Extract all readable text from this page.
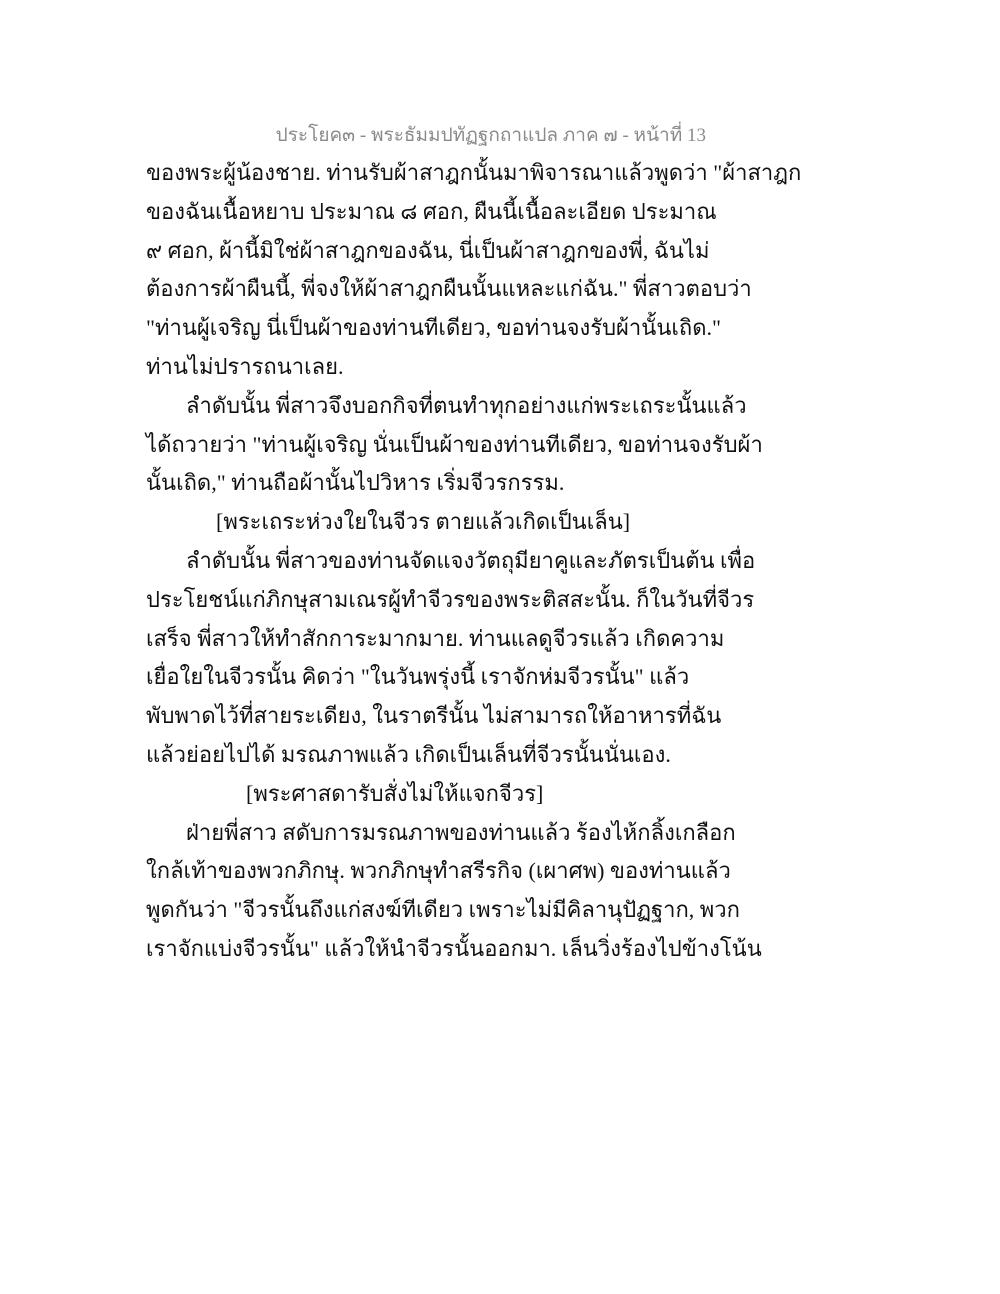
ประโยค๓ - พระธัมมปทัฏฐกถาแปล ภาค ๗ - หน้าที่ 13
ของพระผู้น้องชาย. ท่านรับผ้าสาฎกนั้นมาพิจารณาแล้วพูดว่า "ผ้าสาฎก
ของฉันเนื้อหยาบ ประมาณ ๘ ศอก, ผืนนี้เนื้อละเอียด ประมาณ
๙ ศอก, ผ้านี้มิใช่ผ้าสาฎกของฉัน, นี่เป็นผ้าสาฎกของพี่, ฉันไม่
ต้องการผ้าผืนนี้, พี่จงให้ผ้าสาฎกผืนนั้นแหละแก่ฉัน." พี่สาวตอบว่า
"ท่านผู้เจริญ นี่เป็นผ้าของท่านทีเดียว, ขอท่านจงรับผ้านั้นเถิด."
ท่านไม่ปรารถนาเลย.
ลำดับนั้น พี่สาวจึงบอกกิจที่ตนทำทุกอย่างแก่พระเถระนั้นแล้ว
ได้ถวายว่า "ท่านผู้เจริญ นั่นเป็นผ้าของท่านทีเดียว, ขอท่านจงรับผ้า
นั้นเถิด," ท่านถือผ้านั้นไปวิหาร เริ่มจีวรกรรม.
[พระเถระห่วงใยในจีวร ตายแล้วเกิดเป็นเล็น]
ลำดับนั้น พี่สาวของท่านจัดแจงวัตถุมียาคูและภัตรเป็นต้น เพื่อ
ประโยชน์แก่ภิกษุสามเณรผู้ทำจีวรของพระติสสะนั้น. ก็ในวันที่จีวร
เสร็จ พี่สาวให้ทำสักการะมากมาย. ท่านแลดูจีวรแล้ว เกิดความ
เยื่อใยในจีวรนั้น คิดว่า "ในวันพรุ่งนี้ เราจักห่มจีวรนั้น" แล้ว
พับพาดไว้ที่สายระเดียง, ในราตรีนั้น ไม่สามารถให้อาหารที่ฉัน
แล้วย่อยไปได้ มรณภาพแล้ว เกิดเป็นเล็นที่จีวรนั้นนั่นเอง.
[พระศาสดารับสั่งไม่ให้แจกจีวร]
ฝ่ายพี่สาว สดับการมรณภาพของท่านแล้ว ร้องไห้กลิ้งเกลือก
ใกล้เท้าของพวกภิกษุ. พวกภิกษุทำสรีรกิจ (เผาศพ) ของท่านแล้ว
พูดกันว่า "จีวรนั้นถึงแก่สงฆ์ทีเดียว เพราะไม่มีคิลานุปัฏฐาก, พวก
เราจักแบ่งจีวรนั้น" แล้วให้นำจีวรนั้นออกมา. เล็นวิ่งร้องไปข้างโน้น
